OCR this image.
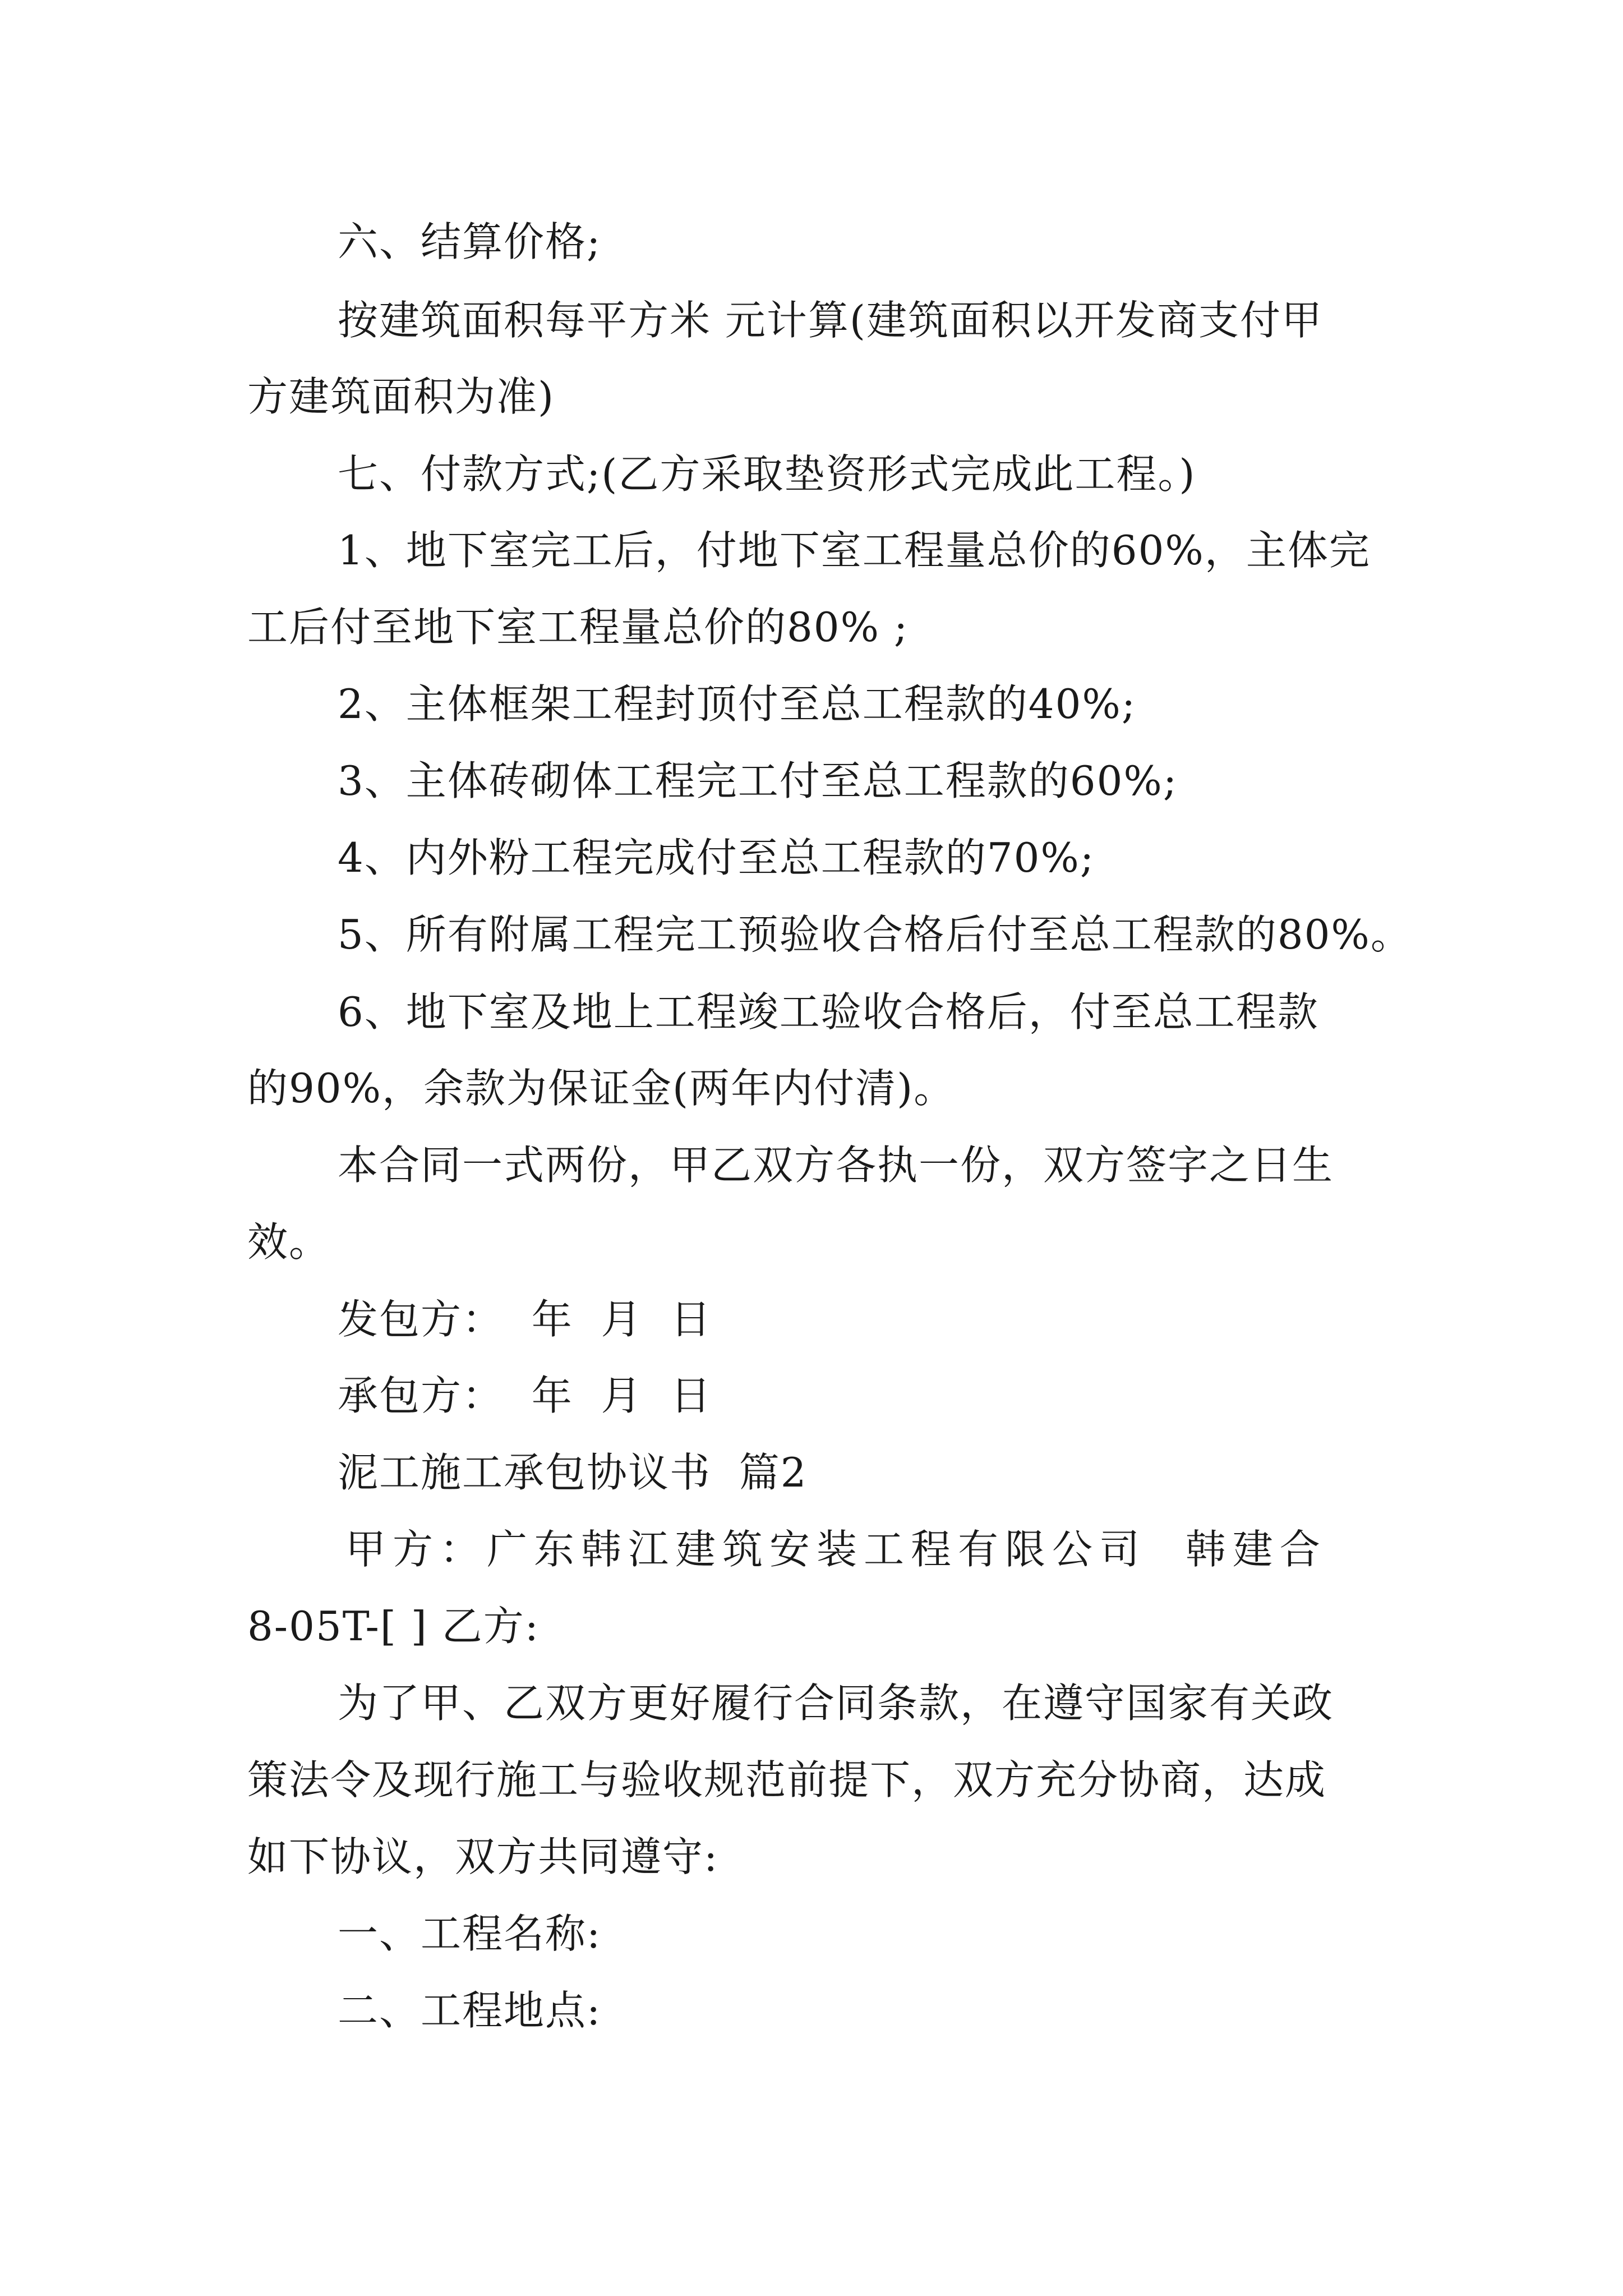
六、结算价格;
按建筑面积每平方米 元计算(建筑面积以开发商支付甲
方建筑面积为准)
七、付款方式;(乙方采取垫资形式完成此工程。)
1、地下室完工后，付地下室工程量总价的60%，主体完
工后付至地下室工程量总价的80% ;
2、主体框架工程封顶付至总工程款的40%;
3、主体砖砌体工程完工付至总工程款的60%;
4、内外粉工程完成付至总工程款的70%;
5、所有附属工程完工预验收合格后付至总工程款的80%。
6、地下室及地上工程竣工验收合格后，付至总工程款
的90%，余款为保证金(两年内付清)。
本合同一式两份，甲乙双方各执一份，双方签字之日生
效。
发包方：  年  月  日
承包方：  年  月  日
泥工施工承包协议书  篇2
甲方：广东韩江建筑安装工程有限公司  韩建合
8-05T-[ ] 乙方:
为了甲、乙双方更好履行合同条款，在遵守国家有关政
策法令及现行施工与验收规范前提下，双方充分协商，达成
如下协议，双方共同遵守:
一、工程名称:
二、工程地点:
